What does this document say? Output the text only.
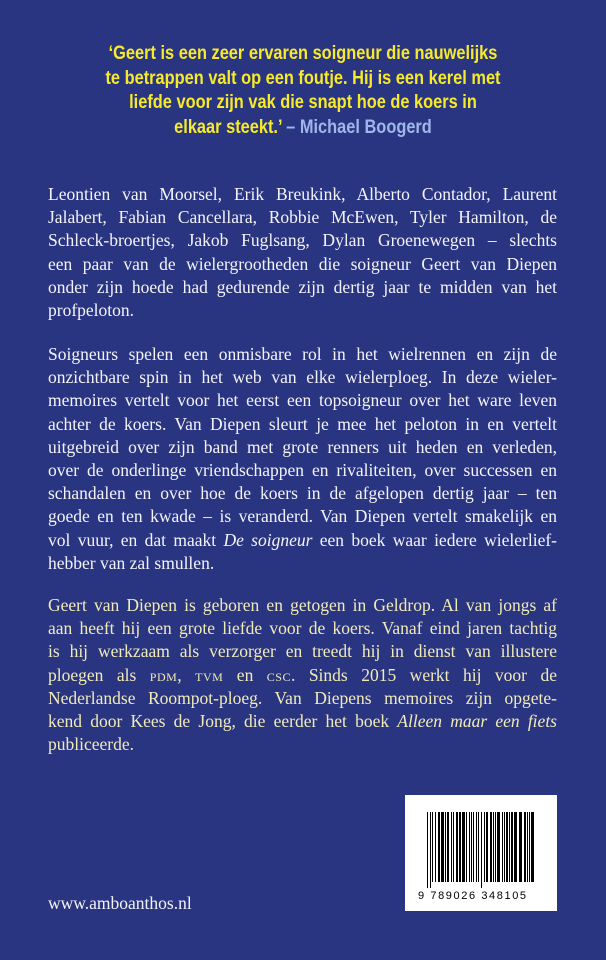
‘Geert is een zeer ervaren soigneur die nauwelijks
te betrappen valt op een foutje. Hij is een kerel met
liefde voor zijn vak die snapt hoe de koers in
elkaar steekt.’ – Michael Boogerd
Leontien van Moorsel, Erik Breukink, Alberto Contador, Laurent
Jalabert, Fabian Cancellara, Robbie McEwen, Tyler Hamilton, de
Schleck-broertjes, Jakob Fuglsang, Dylan Groenewegen – slechts
een paar van de wielergrootheden die soigneur Geert van Diepen
onder zijn hoede had gedurende zijn dertig jaar te midden van het
profpeloton.
Soigneurs spelen een onmisbare rol in het wielrennen en zijn de
onzichtbare spin in het web van elke wielerploeg. In deze wieler-
memoires vertelt voor het eerst een topsoigneur over het ware leven
achter de koers. Van Diepen sleurt je mee het peloton in en vertelt
uitgebreid over zijn band met grote renners uit heden en verleden,
over de onderlinge vriendschappen en rivaliteiten, over successen en
schandalen en over hoe de koers in de afgelopen dertig jaar – ten
goede en ten kwade – is veranderd. Van Diepen vertelt smakelijk en
vol vuur, en dat maakt De soigneur een boek waar iedere wielerlief-
hebber van zal smullen.
Geert van Diepen is geboren en getogen in Geldrop. Al van jongs af
aan heeft hij een grote liefde voor de koers. Vanaf eind jaren tachtig
is hij werkzaam als verzorger en treedt hij in dienst van illustere
ploegen als pdm, tvm en csc. Sinds 2015 werkt hij voor de
Nederlandse Roompot-ploeg. Van Diepens memoires zijn opgete-
kend door Kees de Jong, die eerder het boek Alleen maar een fiets
publiceerde.
www.amboanthos.nl	9 789026 348105
